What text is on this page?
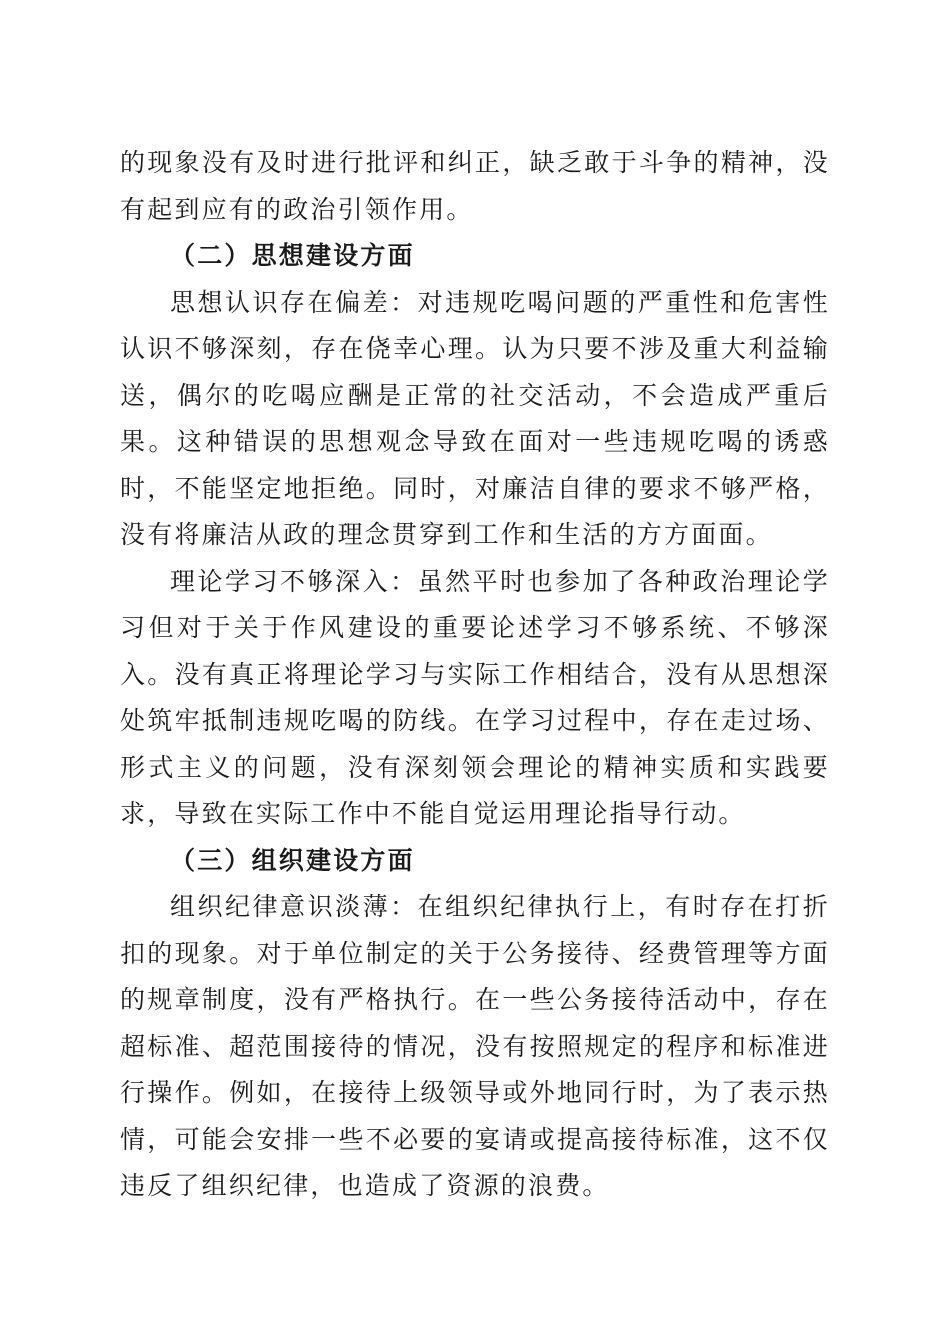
的现象没有及时进行批评和纠正，缺乏敢于斗争的精神，没有起到应有的政治引领作用。

（二）思想建设方面

思想认识存在偏差：对违规吃喝问题的严重性和危害性认识不够深刻，存在侥幸心理。认为只要不涉及重大利益输送，偶尔的吃喝应酬是正常的社交活动，不会造成严重后果。这种错误的思想观念导致在面对一些违规吃喝的诱惑时，不能坚定地拒绝。同时，对廉洁自律的要求不够严格，没有将廉洁从政的理念贯穿到工作和生活的方方面面。

理论学习不够深入：虽然平时也参加了各种政治理论学习但对于关于作风建设的重要论述学习不够系统、不够深入。没有真正将理论学习与实际工作相结合，没有从思想深处筑牢抵制违规吃喝的防线。在学习过程中，存在走过场、形式主义的问题，没有深刻领会理论的精神实质和实践要求，导致在实际工作中不能自觉运用理论指导行动。

（三）组织建设方面

组织纪律意识淡薄：在组织纪律执行上，有时存在打折扣的现象。对于单位制定的关于公务接待、经费管理等方面的规章制度，没有严格执行。在一些公务接待活动中，存在超标准、超范围接待的情况，没有按照规定的程序和标准进行操作。例如，在接待上级领导或外地同行时，为了表示热情，可能会安排一些不必要的宴请或提高接待标准，这不仅违反了组织纪律，也造成了资源的浪费。
